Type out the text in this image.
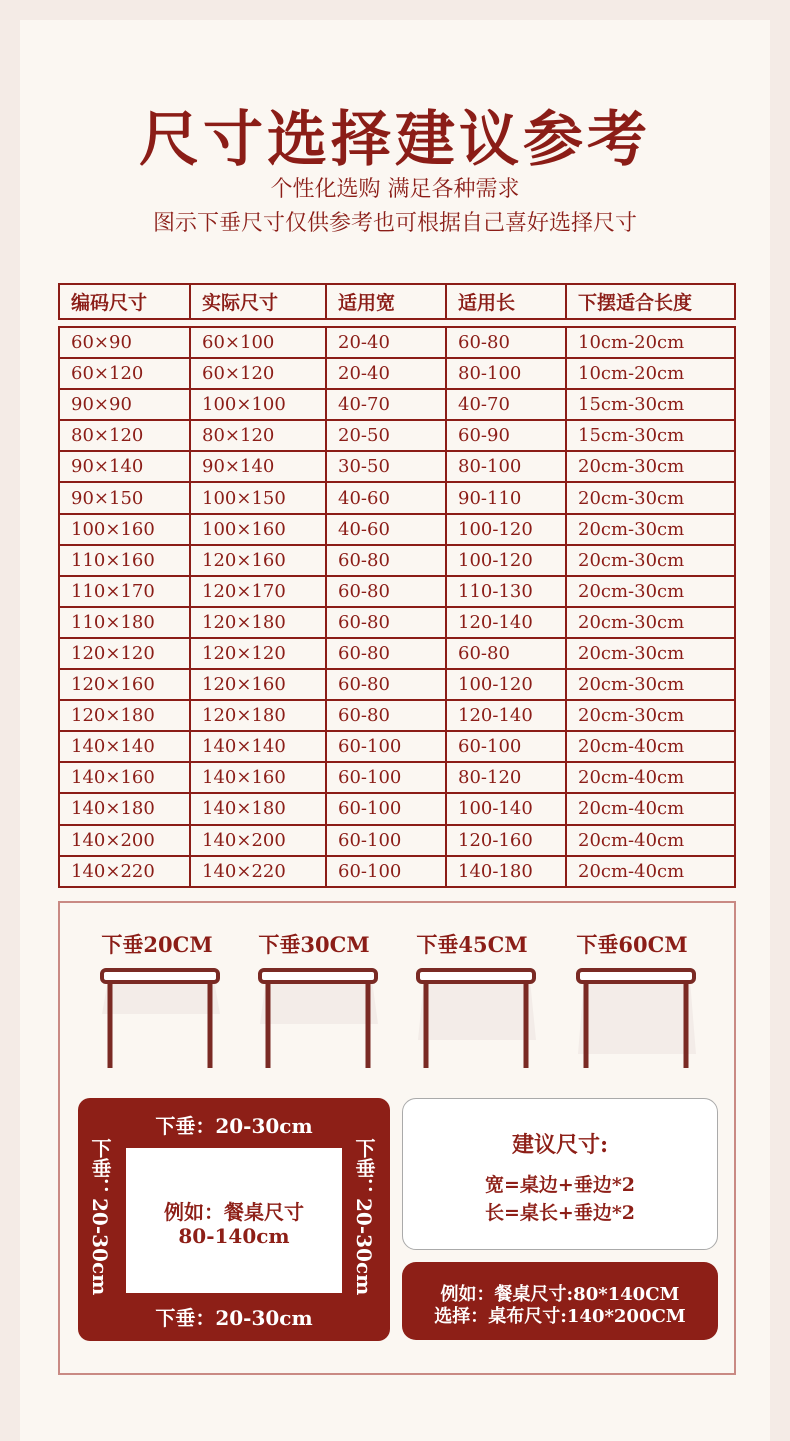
尺寸选择建议参考
个性化选购 满足各种需求
图示下垂尺寸仅供参考也可根据自己喜好选择尺寸
编码尺寸	实际尺寸	适用宽	适用长	下摆适合长度
60×90	60×100	20-40	60-80	10cm-20cm
60×120	60×120	20-40	80-100	10cm-20cm
90×90	100×100	40-70	40-70	15cm-30cm
80×120	80×120	20-50	60-90	15cm-30cm
90×140	90×140	30-50	80-100	20cm-30cm
90×150	100×150	40-60	90-110	20cm-30cm
100×160	100×160	40-60	100-120	20cm-30cm
110×160	120×160	60-80	100-120	20cm-30cm
110×170	120×170	60-80	110-130	20cm-30cm
110×180	120×180	60-80	120-140	20cm-30cm
120×120	120×120	60-80	60-80	20cm-30cm
120×160	120×160	60-80	100-120	20cm-30cm
120×180	120×180	60-80	120-140	20cm-30cm
140×140	140×140	60-100	60-100	20cm-40cm
140×160	140×160	60-100	80-120	20cm-40cm
140×180	140×180	60-100	100-140	20cm-40cm
140×200	140×200	60-100	120-160	20cm-40cm
140×220	140×220	60-100	140-180	20cm-40cm
下垂20CM	下垂30CM	下垂45CM	下垂60CM
下垂：20-30cm
下垂：20-30cm
下垂：20-30cm	下垂：20-30cm
例如：餐桌尺寸
80-140cm
建议尺寸:
宽=桌边+垂边*2
长=桌长+垂边*2
例如：餐桌尺寸:80*140CM
选择：桌布尺寸:140*200CM
